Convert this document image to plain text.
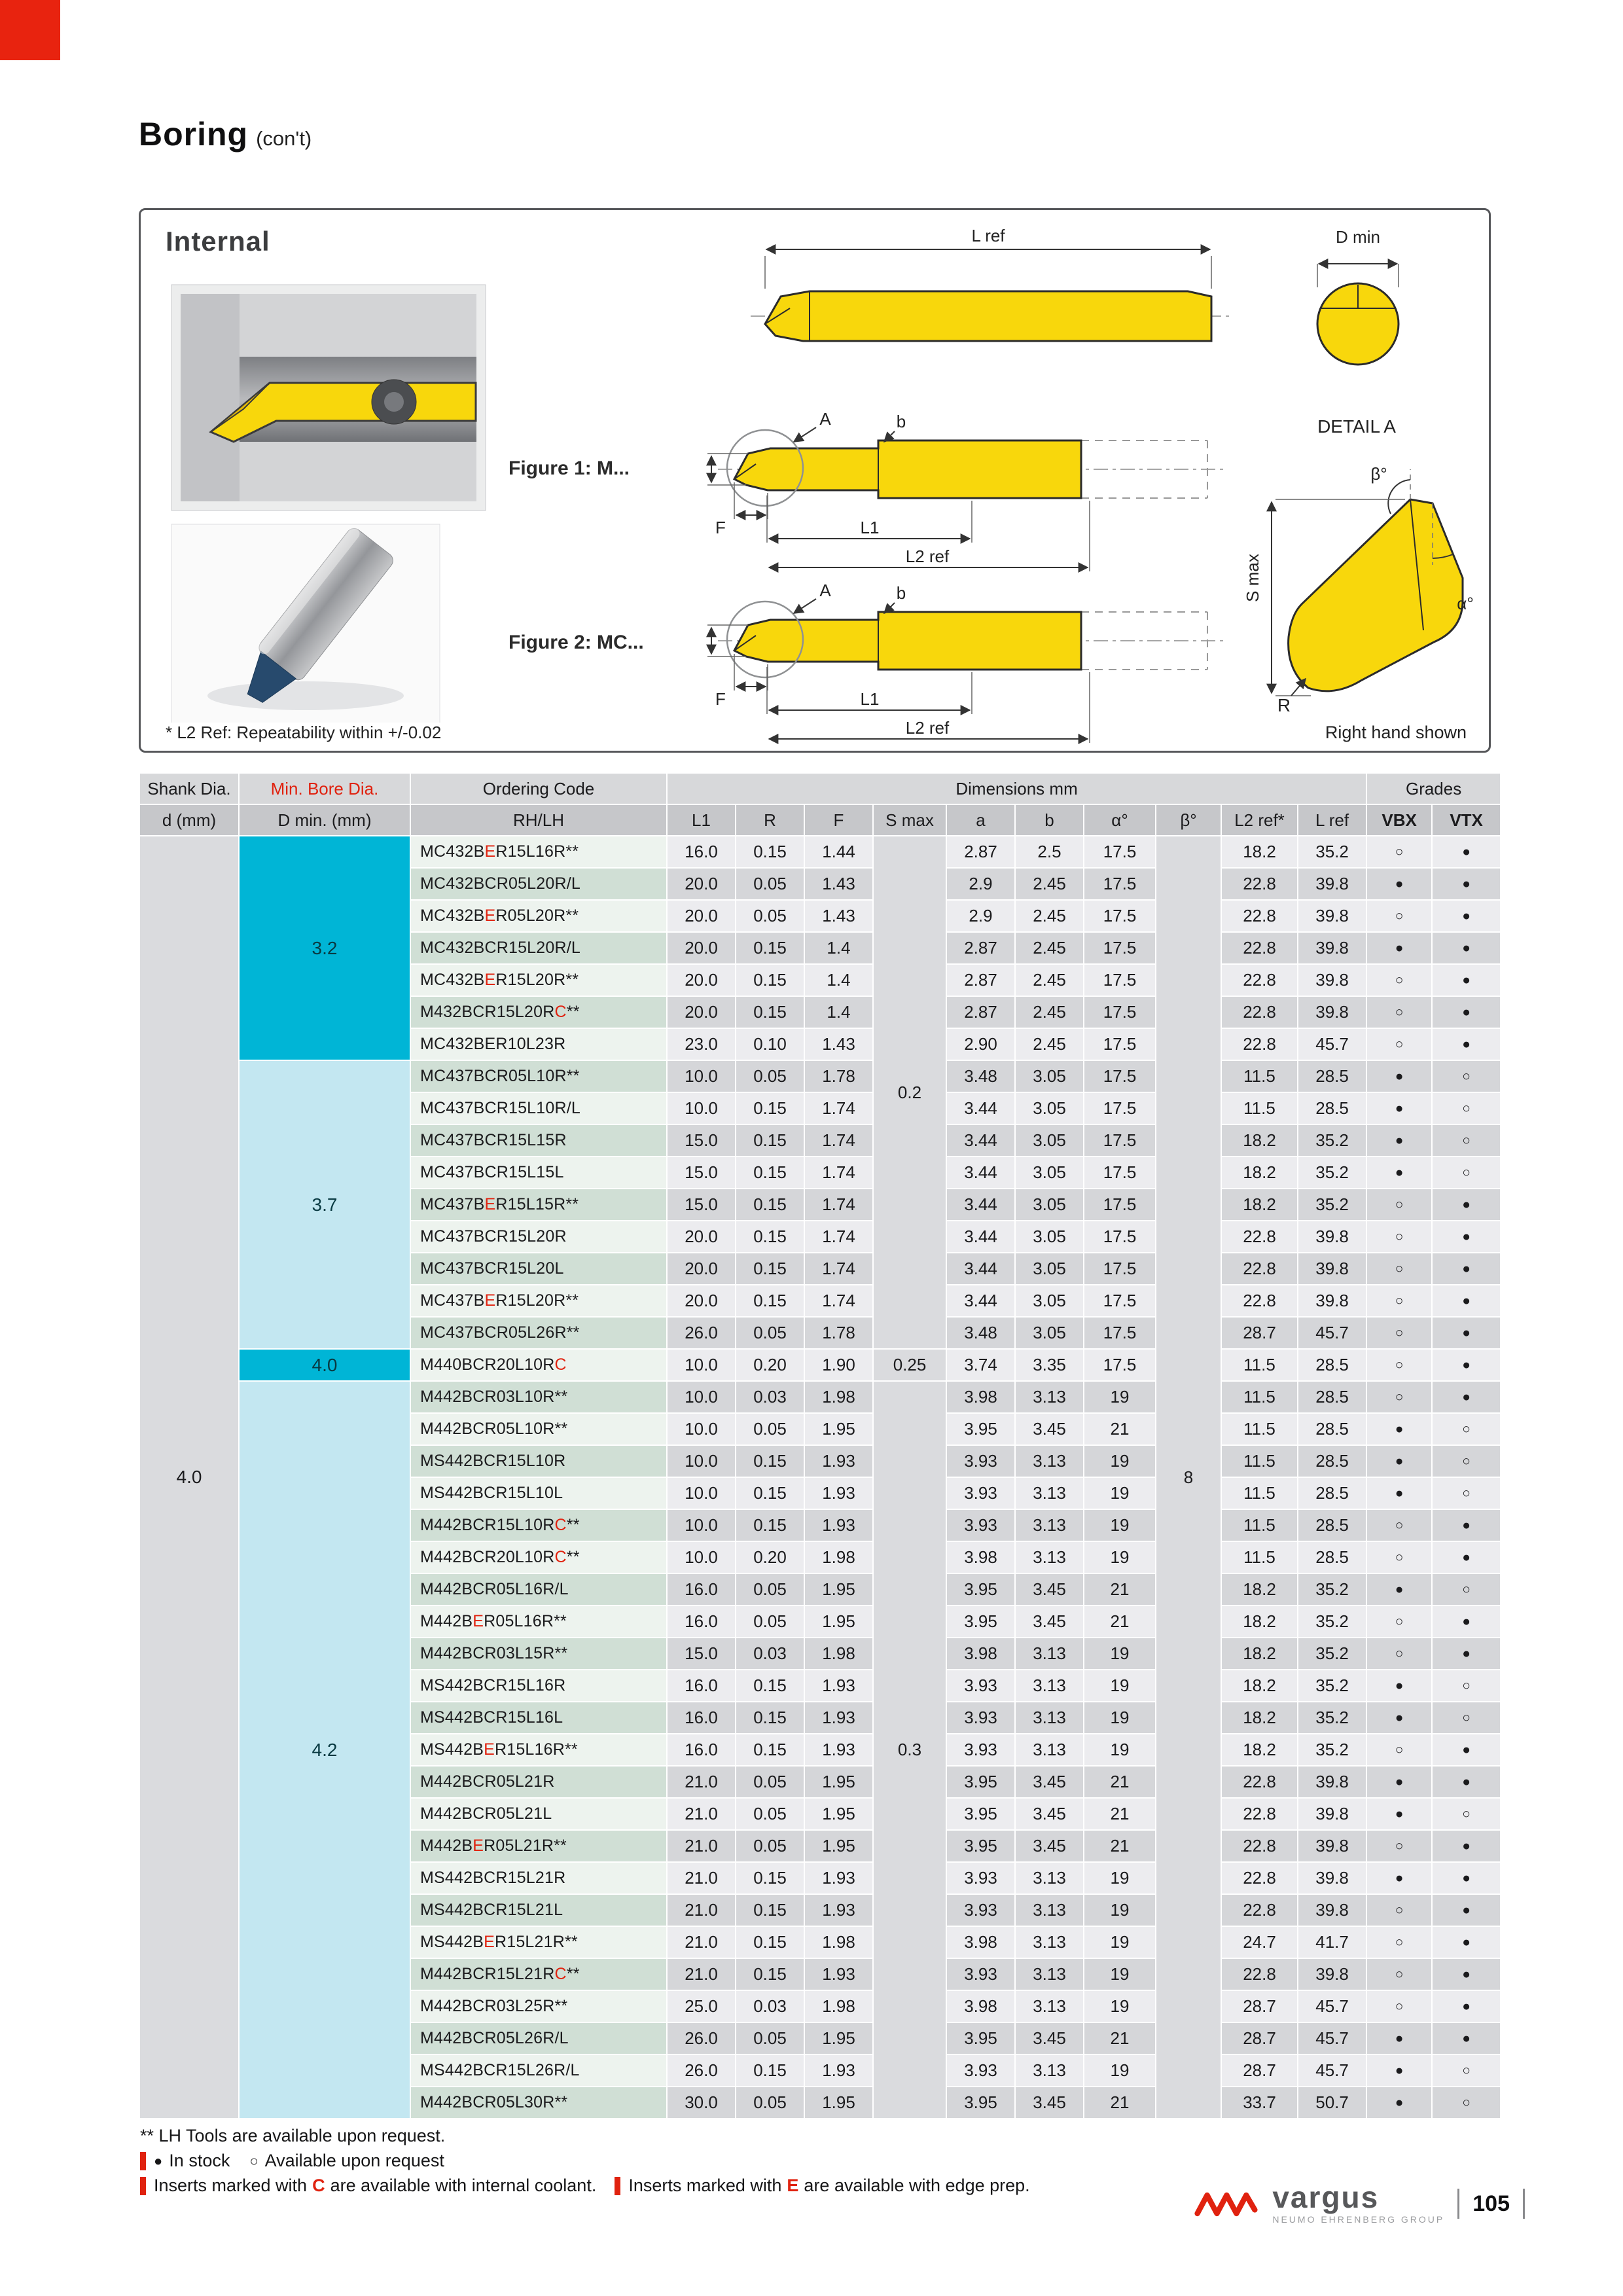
Boring (con't)
Internal
Figure 1: M...
Figure 2: MC...
L ref	D min
DETAIL A
β°
α°
S max
R
* L2 Ref: Repeatability within +/-0.02	Right hand shown
Shank Dia.	Min. Bore Dia.	Ordering Code	Dimensions mm										Grades	
d (mm)	D min. (mm)	RH/LH	L1	R	F	S max	a	b	α°	β°	L2 ref*	L ref	VBX	VTX
4.0	3.2	MC432BER15L16R**	16.0	0.15	1.44	0.2	2.87	2.5	17.5	8	18.2	35.2	○	●
		MC432BCR05L20R/L	20.0	0.05	1.43		2.9	2.45	17.5		22.8	39.8	●	●
		MC432BER05L20R**	20.0	0.05	1.43		2.9	2.45	17.5		22.8	39.8	○	●
		MC432BCR15L20R/L	20.0	0.15	1.4		2.87	2.45	17.5		22.8	39.8	●	●
		MC432BER15L20R**	20.0	0.15	1.4		2.87	2.45	17.5		22.8	39.8	○	●
		M432BCR15L20RC**	20.0	0.15	1.4		2.87	2.45	17.5		22.8	39.8	○	●
		MC432BER10L23R	23.0	0.10	1.43		2.90	2.45	17.5		22.8	45.7	○	●
	3.7	MC437BCR05L10R**	10.0	0.05	1.78		3.48	3.05	17.5		11.5	28.5	●	○
		MC437BCR15L10R/L	10.0	0.15	1.74		3.44	3.05	17.5		11.5	28.5	●	○
		MC437BCR15L15R	15.0	0.15	1.74		3.44	3.05	17.5		18.2	35.2	●	○
		MC437BCR15L15L	15.0	0.15	1.74		3.44	3.05	17.5		18.2	35.2	●	○
		MC437BER15L15R**	15.0	0.15	1.74		3.44	3.05	17.5		18.2	35.2	○	●
		MC437BCR15L20R	20.0	0.15	1.74		3.44	3.05	17.5		22.8	39.8	○	●
		MC437BCR15L20L	20.0	0.15	1.74		3.44	3.05	17.5		22.8	39.8	○	●
		MC437BER15L20R**	20.0	0.15	1.74		3.44	3.05	17.5		22.8	39.8	○	●
		MC437BCR05L26R**	26.0	0.05	1.78		3.48	3.05	17.5		28.7	45.7	○	●
	4.0	M440BCR20L10RC	10.0	0.20	1.90	0.25	3.74	3.35	17.5		11.5	28.5	○	●
	4.2	M442BCR03L10R**	10.0	0.03	1.98	0.3	3.98	3.13	19		11.5	28.5	○	●
		M442BCR05L10R**	10.0	0.05	1.95		3.95	3.45	21		11.5	28.5	●	○
		MS442BCR15L10R	10.0	0.15	1.93		3.93	3.13	19		11.5	28.5	●	○
		MS442BCR15L10L	10.0	0.15	1.93		3.93	3.13	19		11.5	28.5	●	○
		M442BCR15L10RC**	10.0	0.15	1.93		3.93	3.13	19		11.5	28.5	○	●
		M442BCR20L10RC**	10.0	0.20	1.98		3.98	3.13	19		11.5	28.5	○	●
		M442BCR05L16R/L	16.0	0.05	1.95		3.95	3.45	21		18.2	35.2	●	○
		M442BER05L16R**	16.0	0.05	1.95		3.95	3.45	21		18.2	35.2	○	●
		M442BCR03L15R**	15.0	0.03	1.98		3.98	3.13	19		18.2	35.2	○	●
		MS442BCR15L16R	16.0	0.15	1.93		3.93	3.13	19		18.2	35.2	●	○
		MS442BCR15L16L	16.0	0.15	1.93		3.93	3.13	19		18.2	35.2	●	○
		MS442BER15L16R**	16.0	0.15	1.93		3.93	3.13	19		18.2	35.2	○	●
		M442BCR05L21R	21.0	0.05	1.95		3.95	3.45	21		22.8	39.8	●	●
		M442BCR05L21L	21.0	0.05	1.95		3.95	3.45	21		22.8	39.8	●	○
		M442BER05L21R**	21.0	0.05	1.95		3.95	3.45	21		22.8	39.8	○	●
		MS442BCR15L21R	21.0	0.15	1.93		3.93	3.13	19		22.8	39.8	●	●
		MS442BCR15L21L	21.0	0.15	1.93		3.93	3.13	19		22.8	39.8	○	●
		MS442BER15L21R**	21.0	0.15	1.98		3.98	3.13	19		24.7	41.7	○	●
		M442BCR15L21RC**	21.0	0.15	1.93		3.93	3.13	19		22.8	39.8	○	●
		M442BCR03L25R**	25.0	0.03	1.98		3.98	3.13	19		28.7	45.7	○	●
		M442BCR05L26R/L	26.0	0.05	1.95		3.95	3.45	21		28.7	45.7	●	●
		MS442BCR15L26R/L	26.0	0.15	1.93		3.93	3.13	19		28.7	45.7	●	○
		M442BCR05L30R**	30.0	0.05	1.95		3.95	3.45	21		33.7	50.7	●	○
** LH Tools are available upon request.
● In stock ○ Available upon request
Inserts marked with C are available with internal coolant. Inserts marked with E are available with edge prep.	vargus
NEUMO EHRENBERG GROUP
105
